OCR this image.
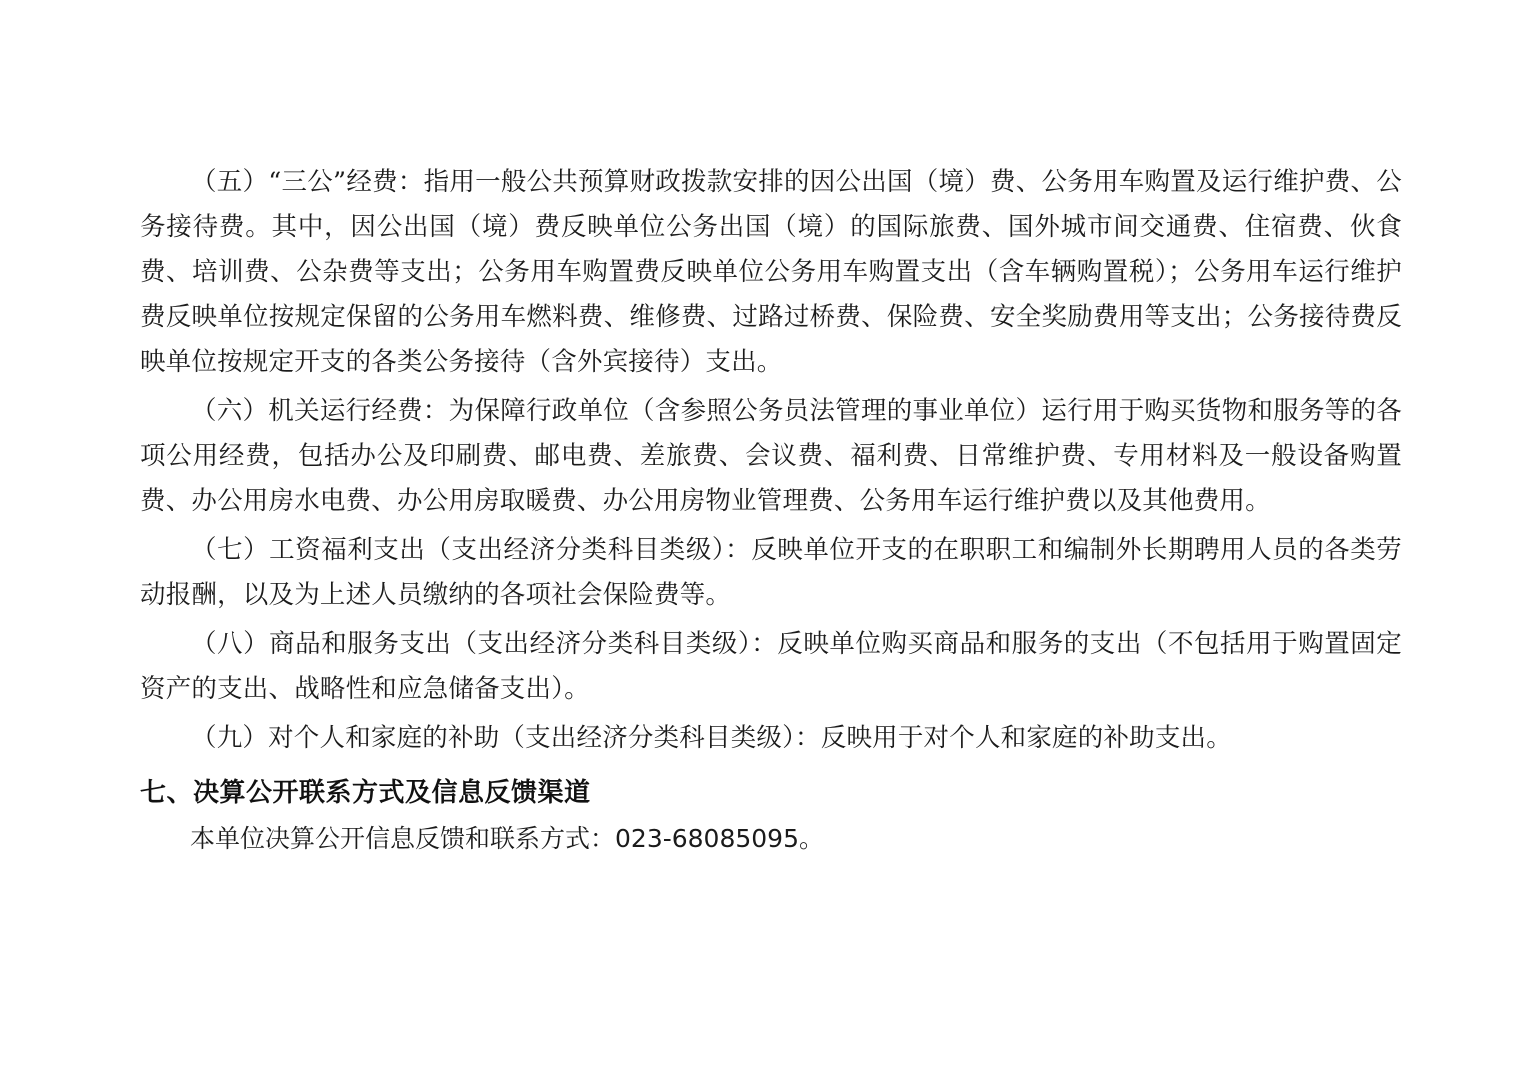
（五）“三公”经费：指用一般公共预算财政拨款安排的因公出国（境）费、公务用车购置及运行维护费、公务接待费。其中，因公出国（境）费反映单位公务出国（境）的国际旅费、国外城市间交通费、住宿费、伙食费、培训费、公杂费等支出；公务用车购置费反映单位公务用车购置支出（含车辆购置税）；公务用车运行维护费反映单位按规定保留的公务用车燃料费、维修费、过路过桥费、保险费、安全奖励费用等支出；公务接待费反映单位按规定开支的各类公务接待（含外宾接待）支出。

（六）机关运行经费：为保障行政单位（含参照公务员法管理的事业单位）运行用于购买货物和服务等的各项公用经费，包括办公及印刷费、邮电费、差旅费、会议费、福利费、日常维护费、专用材料及一般设备购置费、办公用房水电费、办公用房取暖费、办公用房物业管理费、公务用车运行维护费以及其他费用。

（七）工资福利支出（支出经济分类科目类级）：反映单位开支的在职职工和编制外长期聘用人员的各类劳动报酬，以及为上述人员缴纳的各项社会保险费等。

（八）商品和服务支出（支出经济分类科目类级）：反映单位购买商品和服务的支出（不包括用于购置固定资产的支出、战略性和应急储备支出）。

（九）对个人和家庭的补助（支出经济分类科目类级）：反映用于对个人和家庭的补助支出。

七、决算公开联系方式及信息反馈渠道

本单位决算公开信息反馈和联系方式：023-68085095。
